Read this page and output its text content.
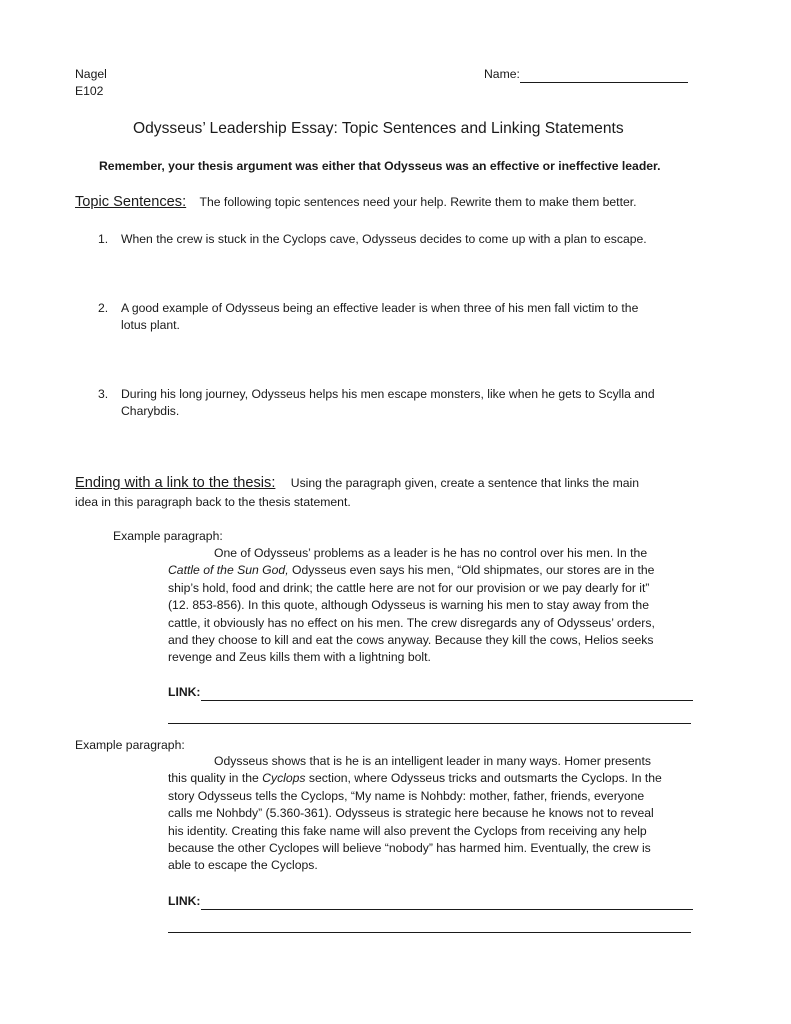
Nagel
E102
Name:
Odysseus’ Leadership Essay: Topic Sentences and Linking Statements
Remember, your thesis argument was either that Odysseus was an effective or ineffective leader.
Topic Sentences: The following topic sentences need your help. Rewrite them to make them better.
1. When the crew is stuck in the Cyclops cave, Odysseus decides to come up with a plan to escape.
2. A good example of Odysseus being an effective leader is when three of his men fall victim to the
lotus plant.
3. During his long journey, Odysseus helps his men escape monsters, like when he gets to Scylla and
Charybdis.
Ending with a link to the thesis: Using the paragraph given, create a sentence that links the main
idea in this paragraph back to the thesis statement.
Example paragraph:

One of Odysseus’ problems as a leader is he has no control over his men. In the

Cattle of the Sun God, Odysseus even says his men, “Old shipmates, our stores are in the

ship’s hold, food and drink; the cattle here are not for our provision or we pay dearly for it”

(12. 853-856). In this quote, although Odysseus is warning his men to stay away from the

cattle, it obviously has no effect on his men. The crew disregards any of Odysseus’ orders,

and they choose to kill and eat the cows anyway. Because they kill the cows, Helios seeks

revenge and Zeus kills them with a lightning bolt.

LINK:
Example paragraph:

Odysseus shows that is he is an intelligent leader in many ways. Homer presents

this quality in the Cyclops section, where Odysseus tricks and outsmarts the Cyclops. In the

story Odysseus tells the Cyclops, “My name is Nohbdy: mother, father, friends, everyone

calls me Nohbdy” (5.360-361). Odysseus is strategic here because he knows not to reveal

his identity. Creating this fake name will also prevent the Cyclops from receiving any help

because the other Cyclopes will believe “nobody” has harmed him. Eventually, the crew is

able to escape the Cyclops.

LINK:
